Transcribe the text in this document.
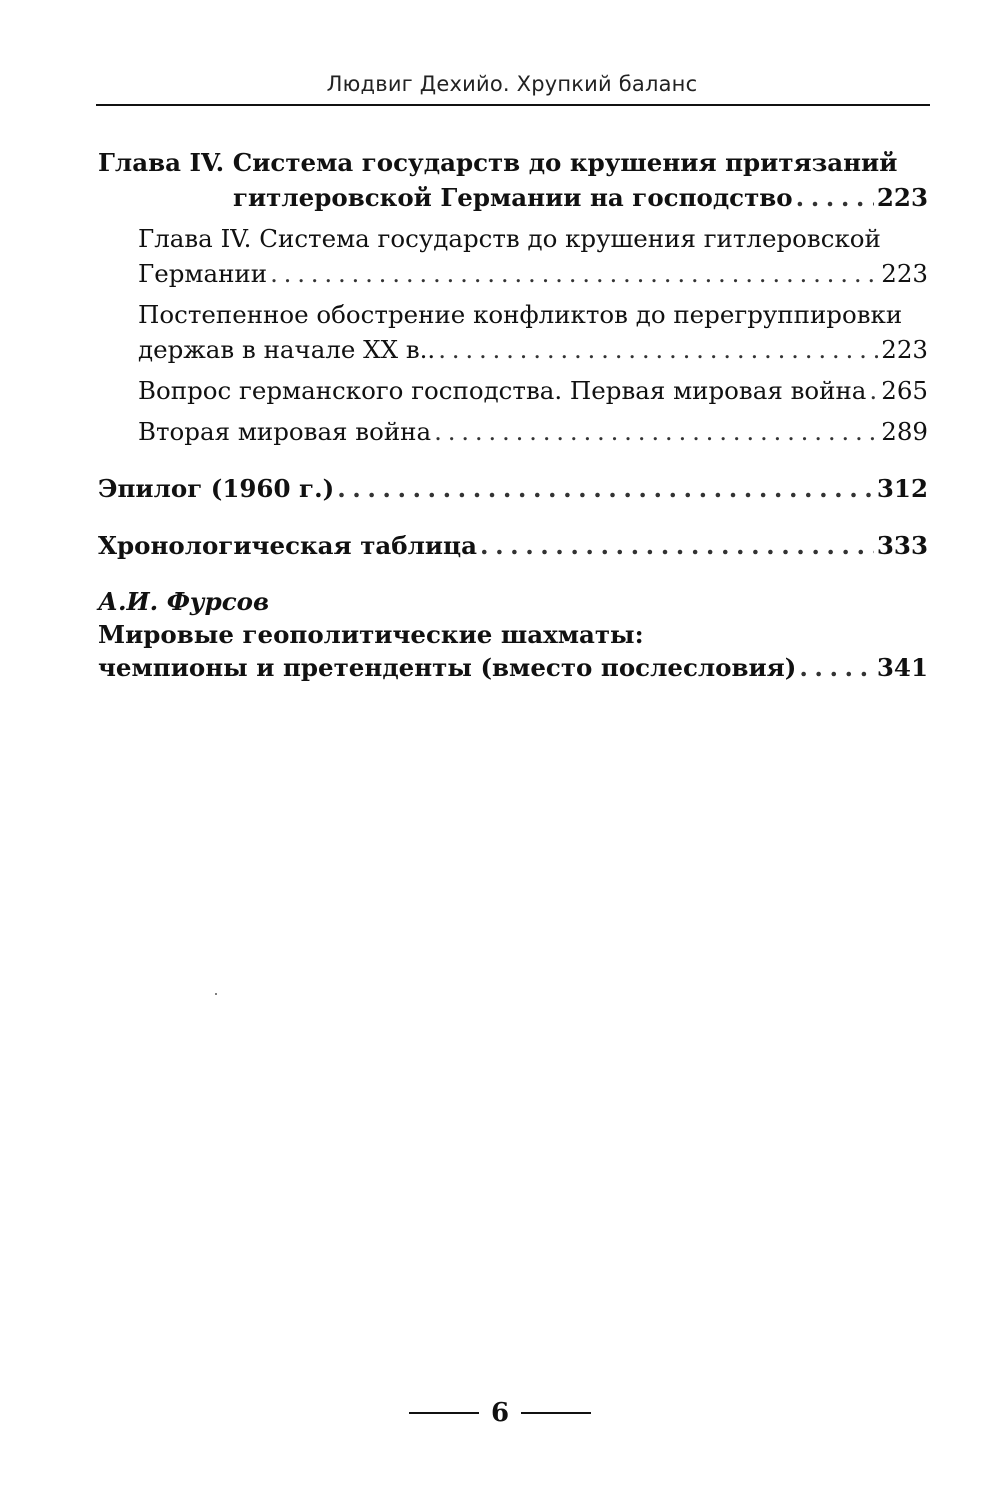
Людвиг Дехийо. Хрупкий баланс
Глава IV. Система государств до крушения притязаний
гитлеровской Германии на господство . . .	223
Глава IV. Система государств до крушения гитлеровской
Германии . . .	223
Постепенное обострение конфликтов до перегруппировки
держав в начале XX в.. . . .	223
Вопрос германского господства. Первая мировая война . . . 265
Вторая мировая война . . .	289
Эпилог (1960 г.) . . .	312
Хронологическая таблица . . .	333
А.И. Фурсов
Мировые геополитические шахматы:
чемпионы и претенденты (вместо послесловия) . . .	341
6
